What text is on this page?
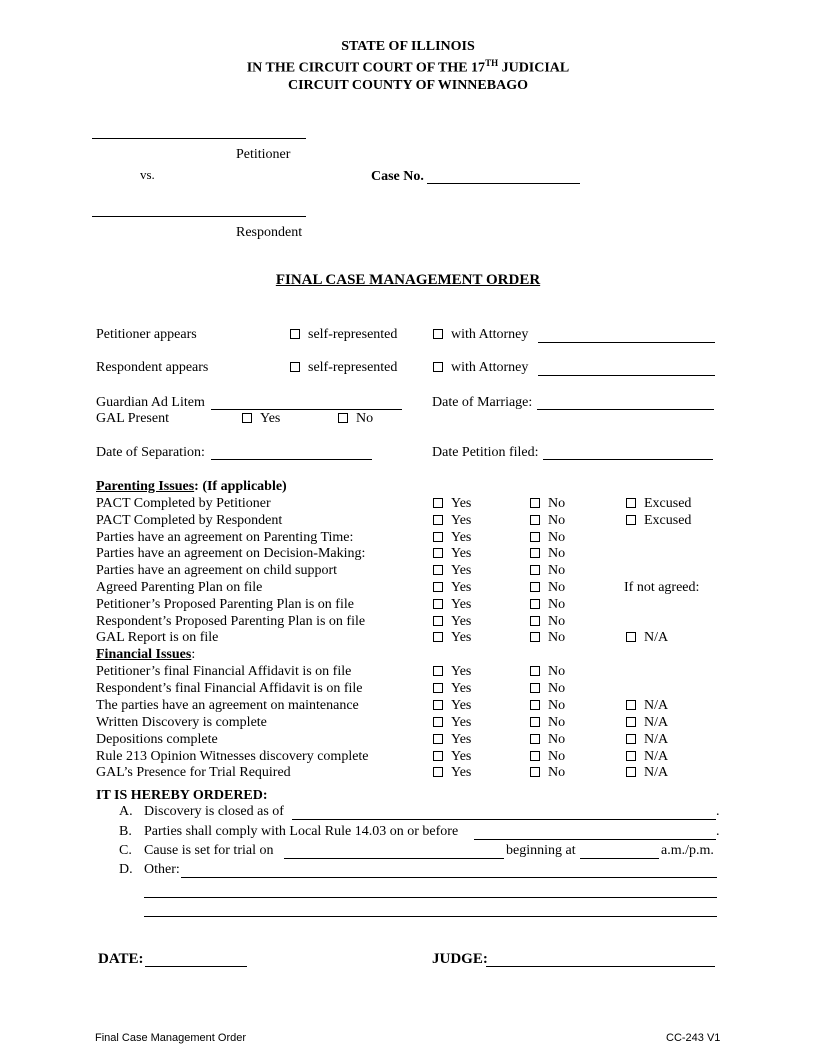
STATE OF ILLINOIS
IN THE CIRCUIT COURT OF THE 17TH JUDICIAL
CIRCUIT COUNTY OF WINNEBAGO
Petitioner
vs.	Case No.
Respondent
FINAL CASE MANAGEMENT ORDER
Petitioner appears	self-represented	with Attorney
Respondent appears	self-represented	with Attorney
Guardian Ad Litem	Date of Marriage:
GAL Present	Yes	No
Date of Separation:	Date Petition filed:
Parenting Issues: (If applicable)
PACT Completed by Petitioner	Yes	No	Excused
PACT Completed by Respondent	Yes	No	Excused
Parties have an agreement on Parenting Time:	Yes	No
Parties have an agreement on Decision-Making:	Yes	No
Parties have an agreement on child support	Yes	No
Agreed Parenting Plan on file	Yes	No	If not agreed:
Petitioner’s Proposed Parenting Plan is on file	Yes	No
Respondent’s Proposed Parenting Plan is on file	Yes	No
GAL Report is on file	Yes	No	N/A
Financial Issues:
Petitioner’s final Financial Affidavit is on file	Yes	No
Respondent’s final Financial Affidavit is on file	Yes	No
The parties have an agreement on maintenance	Yes	No	N/A
Written Discovery is complete	Yes	No	N/A
Depositions complete	Yes	No	N/A
Rule 213 Opinion Witnesses discovery complete	Yes	No	N/A
GAL’s Presence for Trial Required	Yes	No	N/A
IT IS HEREBY ORDERED:
A. Discovery is closed as of	.
B. Parties shall comply with Local Rule 14.03 on or before	.
C. Cause is set for trial on	beginning at	a.m./p.m.
D. Other:
DATE:	JUDGE:
Final Case Management Order	CC-243 V1
